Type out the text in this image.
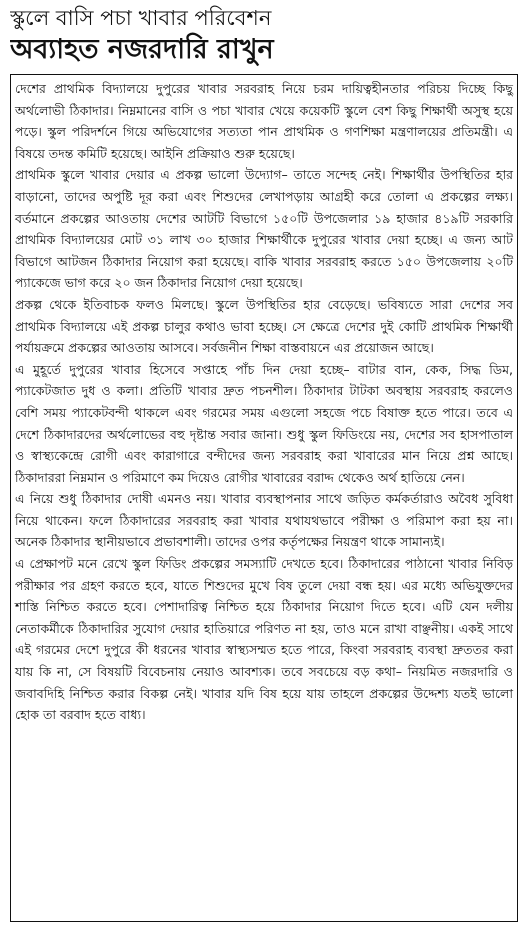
স্কুলে বাসি পচা খাবার পরিবেশন
অব্যাহত নজরদারি রাখুন

দেশের প্রাথমিক বিদ্যালয়ে দুপুরের খাবার সরবরাহ নিয়ে চরম দায়িত্বহীনতার পরিচয় দিচ্ছে কিছু অর্থলোভী ঠিকাদার। নিম্নমানের বাসি ও পচা খাবার খেয়ে কয়েকটি স্কুলে বেশ কিছু শিক্ষার্থী অসুস্থ হয়ে পড়ে। স্কুল পরিদর্শনে গিয়ে অভিযোগের সত্যতা পান প্রাথমিক ও গণশিক্ষা মন্ত্রণালয়ের প্রতিমন্ত্রী। এ বিষয়ে তদন্ত কমিটি হয়েছে। আইনি প্রক্রিয়াও শুরু হয়েছে।

প্রাথমিক স্কুলে খাবার দেয়ার এ প্রকল্প ভালো উদ্যোগ– তাতে সন্দেহ নেই। শিক্ষার্থীর উপস্থিতির হার বাড়ানো, তাদের অপুষ্টি দূর করা এবং শিশুদের লেখাপড়ায় আগ্রহী করে তোলা এ প্রকল্পের লক্ষ্য। বর্তমানে প্রকল্পের আওতায় দেশের আটটি বিভাগে ১৫০টি উপজেলার ১৯ হাজার ৪১৯টি সরকারি প্রাথমিক বিদ্যালয়ের মোট ৩১ লাখ ৩০ হাজার শিক্ষার্থীকে দুপুরের খাবার দেয়া হচ্ছে। এ জন্য আট বিভাগে আটজন ঠিকাদার নিয়োগ করা হয়েছে। বাকি খাবার সরবরাহ করতে ১৫০ উপজেলায় ২০টি প্যাকেজে ভাগ করে ২০ জন ঠিকাদার নিয়োগ দেয়া হয়েছে।

প্রকল্প থেকে ইতিবাচক ফলও মিলছে। স্কুলে উপস্থিতির হার বেড়েছে। ভবিষ্যতে সারা দেশের সব প্রাথমিক বিদ্যালয়ে এই প্রকল্প চালুর কথাও ভাবা হচ্ছে। সে ক্ষেত্রে দেশের দুই কোটি প্রাথমিক শিক্ষার্থী পর্যায়ক্রমে প্রকল্পের আওতায় আসবে। সর্বজনীন শিক্ষা বাস্তবায়নে এর প্রয়োজন আছে।

এ মুহূর্তে দুপুরের খাবার হিসেবে সপ্তাহে পাঁচ দিন দেয়া হচ্ছে– বাটার বান, কেক, সিদ্ধ ডিম, প্যাকেটজাত দুধ ও কলা। প্রতিটি খাবার দ্রুত পচনশীল। ঠিকাদার টাটকা অবস্থায় সরবরাহ করলেও বেশি সময় প্যাকেটবন্দী থাকলে এবং গরমের সময় এগুলো সহজে পচে বিষাক্ত হতে পারে। তবে এ দেশে ঠিকাদারদের অর্থলোভের বহু দৃষ্টান্ত সবার জানা। শুধু স্কুল ফিডিংয়ে নয়, দেশের সব হাসপাতাল ও স্বাস্থ্যকেন্দ্রে রোগী এবং কারাগারে বন্দীদের জন্য সরবরাহ করা খাবারের মান নিয়ে প্রশ্ন আছে। ঠিকাদাররা নিম্নমান ও পরিমাণে কম দিয়েও রোগীর খাবারের বরাদ্দ থেকেও অর্থ হাতিয়ে নেন।

এ নিয়ে শুধু ঠিকাদার দোষী এমনও নয়। খাবার ব্যবস্থাপনার সাথে জড়িত কর্মকর্তারাও অবৈধ সুবিধা নিয়ে থাকেন। ফলে ঠিকাদারের সরবরাহ করা খাবার যথাযথভাবে পরীক্ষা ও পরিমাপ করা হয় না। অনেক ঠিকাদার স্থানীয়ভাবে প্রভাবশালী। তাদের ওপর কর্তৃপক্ষের নিয়ন্ত্রণ থাকে সামান্যই।

এ প্রেক্ষাপট মনে রেখে স্কুল ফিডিং প্রকল্পের সমস্যাটি দেখতে হবে। ঠিকাদারের পাঠানো খাবার নিবিড় পরীক্ষার পর গ্রহণ করতে হবে, যাতে শিশুদের মুখে বিষ তুলে দেয়া বন্ধ হয়। এর মধ্যে অভিযুক্তদের শাস্তি নিশ্চিত করতে হবে। পেশাদারিত্ব নিশ্চিত হয়ে ঠিকাদার নিয়োগ দিতে হবে। এটি যেন দলীয় নেতাকর্মীকে ঠিকাদারির সুযোগ দেয়ার হাতিয়ারে পরিণত না হয়, তাও মনে রাখা বাঞ্ছনীয়। একই সাথে এই গরমের দেশে দুপুরে কী ধরনের খাবার স্বাস্থ্যসম্মত হতে পারে, কিংবা সরবরাহ ব্যবস্থা দ্রুততর করা যায় কি না, সে বিষয়টি বিবেচনায় নেয়াও আবশ্যক। তবে সবচেয়ে বড় কথা– নিয়মিত নজরদারি ও জবাবদিহি নিশ্চিত করার বিকল্প নেই। খাবার যদি বিষ হয়ে যায় তাহলে প্রকল্পের উদ্দেশ্য যতই ভালো হোক তা বরবাদ হতে বাধ্য।
